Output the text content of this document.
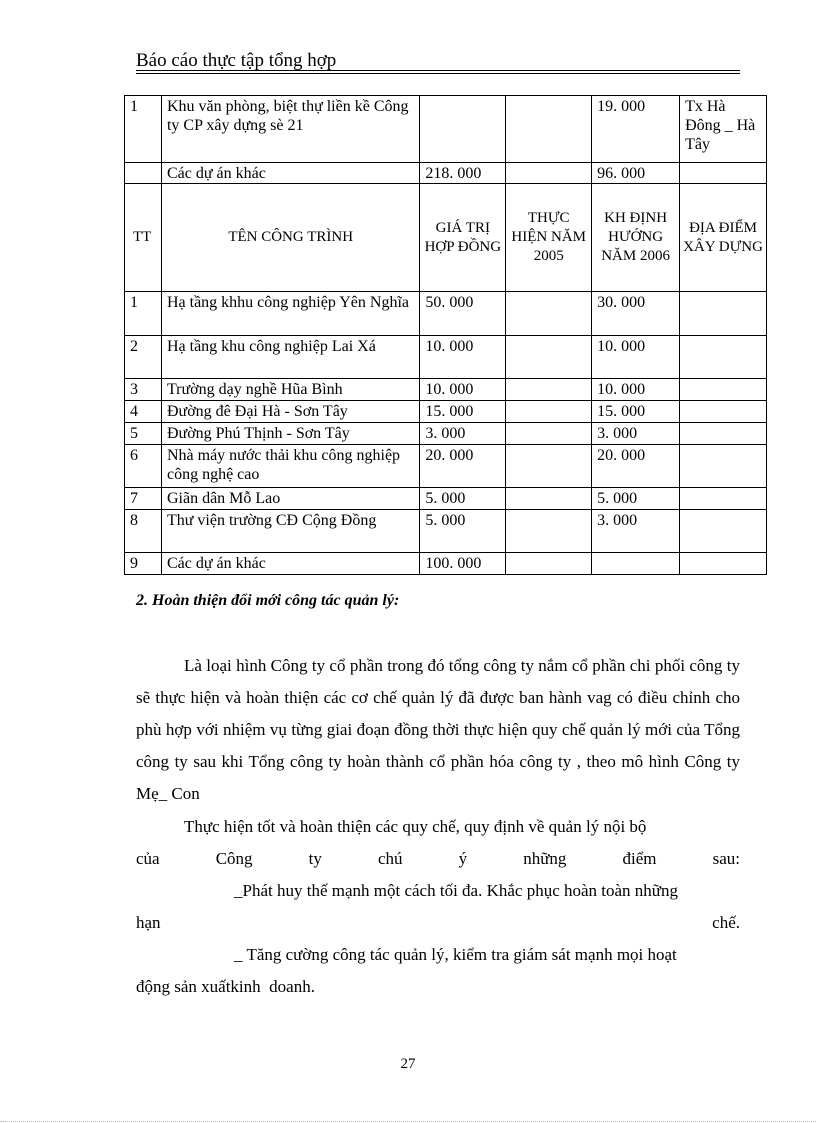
Báo cáo thực tập tổng hợp
1	Khu văn phòng, biệt thự liền kề Công ty CP xây dựng sè 21			19. 000	Tx Hà Đông _ Hà Tây
	Các dự án khác	218. 000		96. 000	
TT	TÊN CÔNG TRÌNH	GIÁ TRỊ HỢP ĐỒNG	THỰC HIỆN NĂM 2005	KH ĐỊNH HƯỚNG NĂM 2006	ĐỊA ĐIỂM XÂY DỰNG
1	Hạ tầng khhu công nghiệp Yên Nghĩa	50. 000		30. 000	
2	Hạ tầng khu công nghiệp Lai Xá	10. 000		10. 000	
3	Trường dạy nghề Hũa Bình	10. 000		10. 000	
4	Đường đê Đại Hà - Sơn Tây	15. 000		15. 000	
5	Đường Phú Thịnh - Sơn Tây	3. 000		3. 000	
6	Nhà máy nước thải khu công nghiệp công nghệ cao	20. 000		20. 000	
7	Giãn dân Mỗ Lao	5. 000		5. 000	
8	Thư viện trường CĐ Cộng Đồng	5. 000		3. 000	
9	Các dự án khác	100. 000			
2. Hoàn thiện đổi mới công tác quản lý:
Là loại hình Công ty cổ phần trong đó tổng công ty nắm cổ phần chi phối công ty sẽ thực hiện và hoàn thiện các cơ chế quản lý đã được ban hành vag có điều chỉnh cho phù hợp với nhiệm vụ từng giai đoạn đồng thời thực hiện quy chế quản lý mới của Tổng công ty sau khi Tổng công ty hoàn thành cổ phần hóa công ty , theo mô hình Công ty Mẹ_ Con
Thực hiện tốt và hoàn thiện các quy chế, quy định về quản lý nội bộ
của	Công	ty	chú	ý	những	điểm	sau:
_Phát huy thế mạnh một cách tối đa. Khắc phục hoàn toàn những
hạn	chế.
_ Tăng cường công tác quản lý, kiểm tra giám sát mạnh mọi hoạt
động sản xuấtkinh  doanh.
27
